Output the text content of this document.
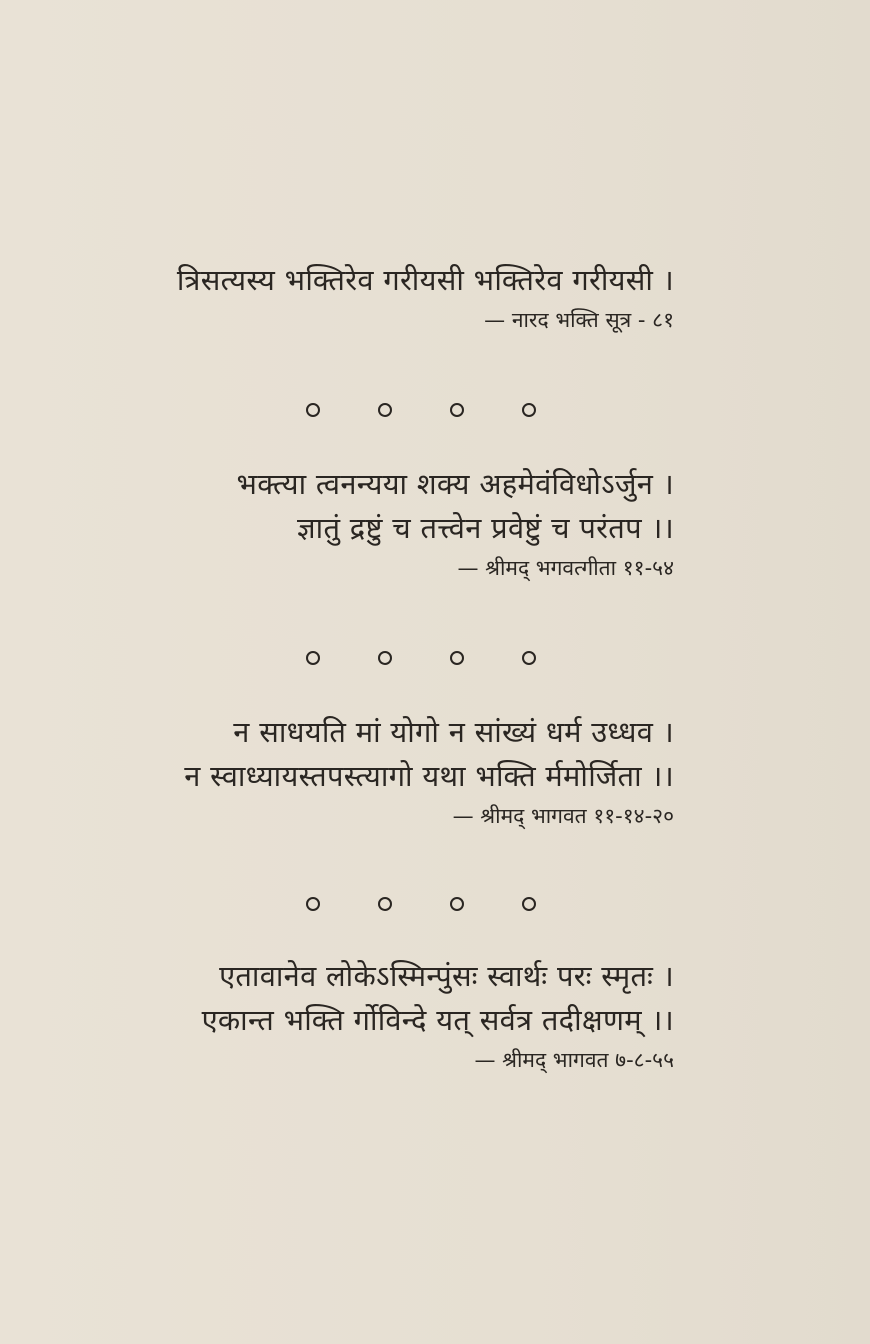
त्रिसत्यस्य भक्तिरेव गरीयसी भक्तिरेव गरीयसी ।
— नारद भक्ति सूत्र - ८१
भक्त्या त्वनन्यया शक्य अहमेवंविधोऽर्जुन ।
ज्ञातुं द्रष्टुं च तत्त्वेन प्रवेष्टुं च परंतप ।।
— श्रीमद् भगवत्गीता ११-५४
न साधयति मां योगो न सांख्यं धर्म उध्धव ।
न स्वाध्यायस्तपस्त्यागो यथा भक्ति र्ममोर्जिता ।।
— श्रीमद् भागवत ११-१४-२०
एतावानेव लोकेऽस्मिन्पुंसः स्वार्थः परः स्मृतः ।
एकान्त भक्ति र्गोविन्दे यत् सर्वत्र तदीक्षणम् ।।
— श्रीमद् भागवत ७-८-५५
